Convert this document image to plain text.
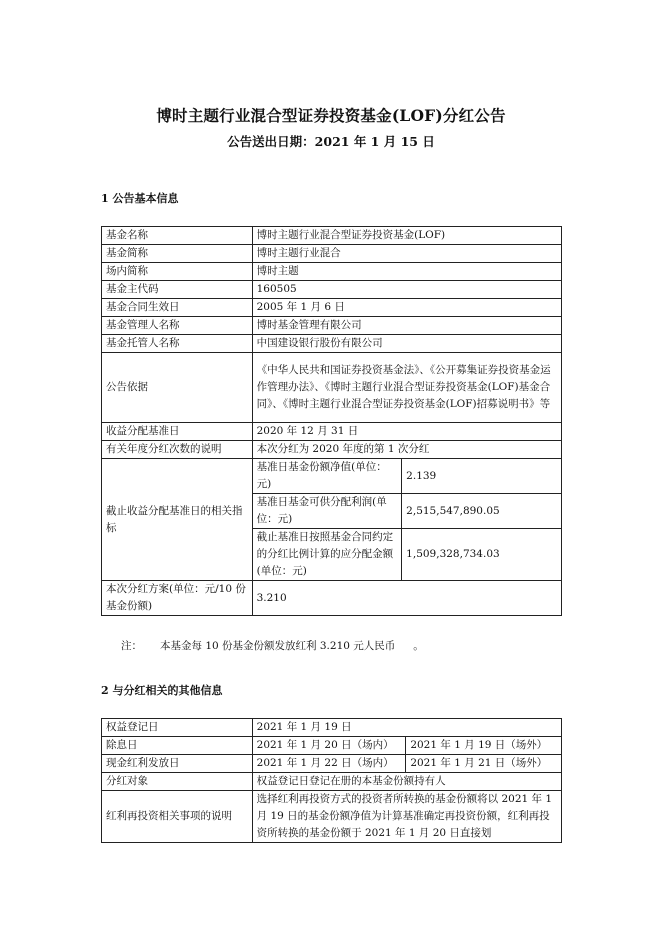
博时主题行业混合型证券投资基金(LOF)分红公告
公告送出日期：2021 年 1 月 15 日
1 公告基本信息
基金名称	博时主题行业混合型证券投资基金(LOF)	
基金简称	博时主题行业混合	
场内简称	博时主题	
基金主代码	160505	
基金合同生效日	2005 年 1 月 6 日	
基金管理人名称	博时基金管理有限公司	
基金托管人名称	中国建设银行股份有限公司	
公告依据	《中华人民共和国证券投资基金法》、《公开募集证券投资基金运作管理办法》、《博时主题行业混合型证券投资基金(LOF)基金合同》、《博时主题行业混合型证券投资基金(LOF)招募说明书》等	
收益分配基准日	2020 年 12 月 31 日	
有关年度分红次数的说明	本次分红为 2020 年度的第 1 次分红	
截止收益分配基准日的相关指标	基准日基金份额净值(单位：元)	2.139
	基准日基金可供分配利润(单位：元)	2,515,547,890.05
	截止基准日按照基金合同约定的分红比例计算的应分配金额(单位：元)	1,509,328,734.03
本次分红方案(单位：元/10 份基金份额)	3.210	
注： 本基金每 10 份基金份额发放红利 3.210 元人民币 。
2 与分红相关的其他信息
权益登记日	2021 年 1 月 19 日	
除息日	2021 年 1 月 20 日（场内）	2021 年 1 月 19 日（场外）
现金红利发放日	2021 年 1 月 22 日（场内）	2021 年 1 月 21 日（场外）
分红对象	权益登记日登记在册的本基金份额持有人	
红利再投资相关事项的说明	选择红利再投资方式的投资者所转换的基金份额将以 2021 年 1 月 19 日的基金份额净值为计算基准确定再投资份额，红利再投资所转换的基金份额于 2021 年 1 月 20 日直接划	
